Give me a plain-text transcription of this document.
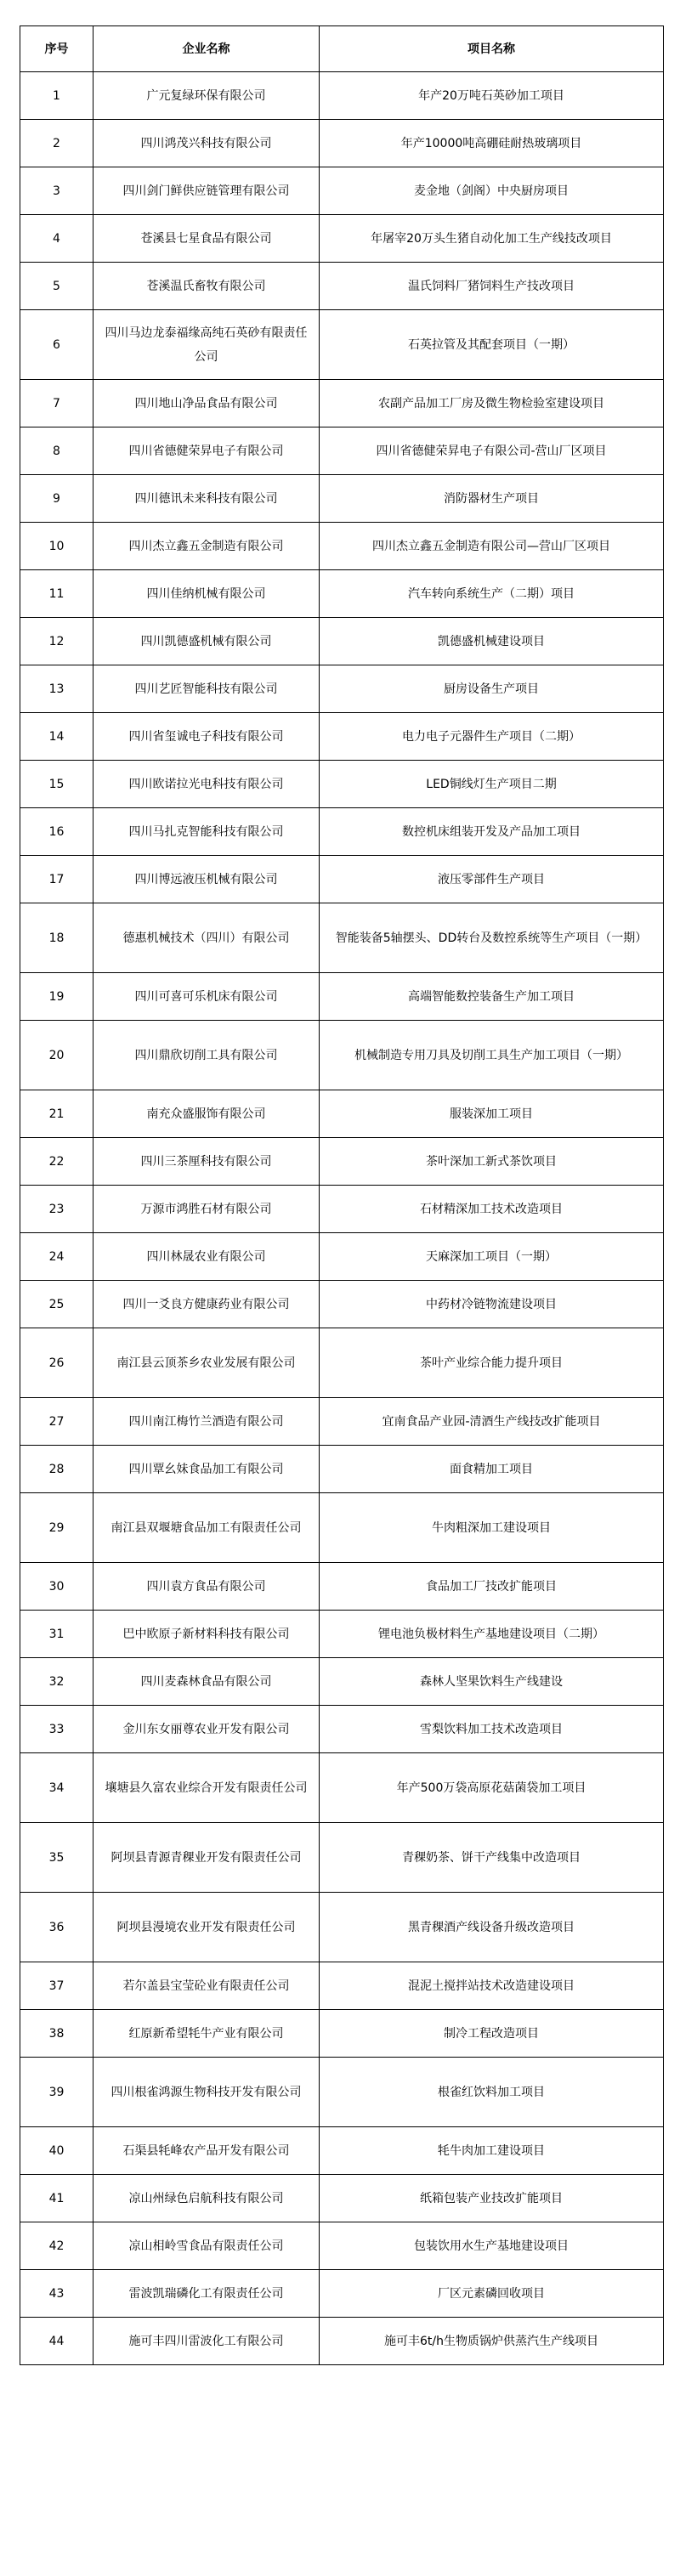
序号	企业名称	项目名称
1	广元复绿环保有限公司	年产20万吨石英砂加工项目
2	四川鸿茂兴科技有限公司	年产10000吨高硼硅耐热玻璃项目
3	四川剑门鲜供应链管理有限公司	麦金地（剑阁）中央厨房项目
4	苍溪县七星食品有限公司	年屠宰20万头生猪自动化加工生产线技改项目
5	苍溪温氏畜牧有限公司	温氏饲料厂猪饲料生产技改项目
6	四川马边龙泰福缘高纯石英砂有限责任公司	石英拉管及其配套项目（一期）
7	四川地山净品食品有限公司	农副产品加工厂房及微生物检验室建设项目
8	四川省德健荣昇电子有限公司	四川省德健荣昇电子有限公司-营山厂区项目
9	四川德讯未来科技有限公司	消防器材生产项目
10	四川杰立鑫五金制造有限公司	四川杰立鑫五金制造有限公司—营山厂区项目
11	四川佳纳机械有限公司	汽车转向系统生产（二期）项目
12	四川凯德盛机械有限公司	凯德盛机械建设项目
13	四川艺匠智能科技有限公司	厨房设备生产项目
14	四川省玺诚电子科技有限公司	电力电子元器件生产项目（二期）
15	四川欧诺拉光电科技有限公司	LED铜线灯生产项目二期
16	四川马扎克智能科技有限公司	数控机床组装开发及产品加工项目
17	四川博远液压机械有限公司	液压零部件生产项目
18	德惠机械技术（四川）有限公司	智能装备5轴摆头、DD转台及数控系统等生产项目（一期）
19	四川可喜可乐机床有限公司	高端智能数控装备生产加工项目
20	四川鼎欣切削工具有限公司	机械制造专用刀具及切削工具生产加工项目（一期）
21	南充众盛服饰有限公司	服装深加工项目
22	四川三茶厘科技有限公司	茶叶深加工新式茶饮项目
23	万源市鸿胜石材有限公司	石材精深加工技术改造项目
24	四川林晟农业有限公司	天麻深加工项目（一期）
25	四川一爻良方健康药业有限公司	中药材冷链物流建设项目
26	南江县云顶茶乡农业发展有限公司	茶叶产业综合能力提升项目
27	四川南江梅竹兰酒造有限公司	宜南食品产业园-清酒生产线技改扩能项目
28	四川覃幺妹食品加工有限公司	面食精加工项目
29	南江县双堰塘食品加工有限责任公司	牛肉粗深加工建设项目
30	四川袁方食品有限公司	食品加工厂技改扩能项目
31	巴中欧原子新材料科技有限公司	锂电池负极材料生产基地建设项目（二期）
32	四川麦森林食品有限公司	森林人坚果饮料生产线建设
33	金川东女丽尊农业开发有限公司	雪梨饮料加工技术改造项目
34	壤塘县久富农业综合开发有限责任公司	年产500万袋高原花菇菌袋加工项目
35	阿坝县青源青稞业开发有限责任公司	青稞奶茶、饼干产线集中改造项目
36	阿坝县漫境农业开发有限责任公司	黑青稞酒产线设备升级改造项目
37	若尔盖县宝莹砼业有限责任公司	混泥土搅拌站技术改造建设项目
38	红原新希望牦牛产业有限公司	制冷工程改造项目
39	四川根雀鸿源生物科技开发有限公司	根雀红饮料加工项目
40	石渠县牦峰农产品开发有限公司	牦牛肉加工建设项目
41	凉山州绿色启航科技有限公司	纸箱包装产业技改扩能项目
42	凉山相岭雪食品有限责任公司	包装饮用水生产基地建设项目
43	雷波凯瑞磷化工有限责任公司	厂区元素磷回收项目
44	施可丰四川雷波化工有限公司	施可丰6t/h生物质锅炉供蒸汽生产线项目
